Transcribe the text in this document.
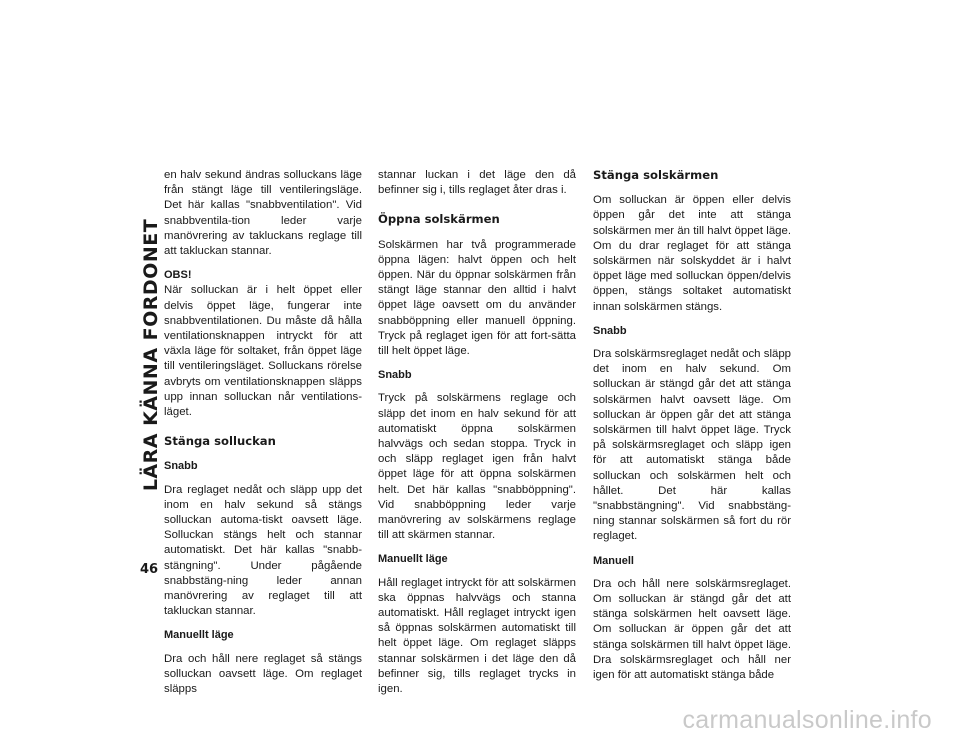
LÄRA KÄNNA FORDONET
46

en halv sekund ändras solluckans läge från stängt läge till ventileringsläge. Det här kallas "snabbventilation". Vid snabbventila-tion leder varje manövrering av takluckans reglage till att takluckan stannar.

OBS!

När solluckan är i helt öppet eller delvis öppet läge, fungerar inte snabbventilationen. Du måste då hålla ventilationsknappen intryckt för att växla läge för soltaket, från öppet läge till ventileringsläget. Solluckans rörelse avbryts om ventilationsknappen släpps upp innan solluckan når ventilations-läget.

Stänga solluckan
Snabb

Dra reglaget nedåt och släpp upp det inom en halv sekund så stängs solluckan automa-tiskt oavsett läge. Solluckan stängs helt och stannar automatiskt. Det här kallas "snabb-stängning". Under pågående snabbstäng-ning leder annan manövrering av reglaget till att takluckan stannar.

Manuellt läge

Dra och håll nere reglaget så stängs solluckan oavsett läge. Om reglaget släpps

stannar luckan i det läge den då befinner sig i, tills reglaget åter dras i.

Öppna solskärmen

Solskärmen har två programmerade öppna lägen: halvt öppen och helt öppen. När du öppnar solskärmen från stängt läge stannar den alltid i halvt öppet läge oavsett om du använder snabböppning eller manuell öppning. Tryck på reglaget igen för att fort-sätta till helt öppet läge.

Snabb

Tryck på solskärmens reglage och släpp det inom en halv sekund för att automatiskt öppna solskärmen halvvägs och sedan stoppa. Tryck in och släpp reglaget igen från halvt öppet läge för att öppna solskärmen helt. Det här kallas "snabböppning". Vid snabböppning leder varje manövrering av solskärmens reglage till att skärmen stannar.

Manuellt läge

Håll reglaget intryckt för att solskärmen ska öppnas halvvägs och stanna automatiskt. Håll reglaget intryckt igen så öppnas solskärmen automatiskt till helt öppet läge. Om reglaget släpps stannar solskärmen i det läge den då befinner sig, tills reglaget trycks in igen.

Stänga solskärmen

Om solluckan är öppen eller delvis öppen går det inte att stänga solskärmen mer än till halvt öppet läge. Om du drar reglaget för att stänga solskärmen när solskyddet är i halvt öppet läge med solluckan öppen/delvis öppen, stängs soltaket automatiskt innan solskärmen stängs.

Snabb

Dra solskärmsreglaget nedåt och släpp det inom en halv sekund. Om solluckan är stängd går det att stänga solskärmen halvt oavsett läge. Om solluckan är öppen går det att stänga solskärmen till halvt öppet läge. Tryck på solskärmsreglaget och släpp igen för att automatiskt stänga både solluckan och solskärmen helt och hållet. Det här kallas "snabbstängning". Vid snabbstäng-ning stannar solskärmen så fort du rör reglaget.

Manuell

Dra och håll nere solskärmsreglaget. Om solluckan är stängd går det att stänga solskärmen helt oavsett läge. Om solluckan är öppen går det att stänga solskärmen till halvt öppet läge. Dra solskärmsreglaget och håll ner igen för att automatiskt stänga både

carmanualsonline.info
